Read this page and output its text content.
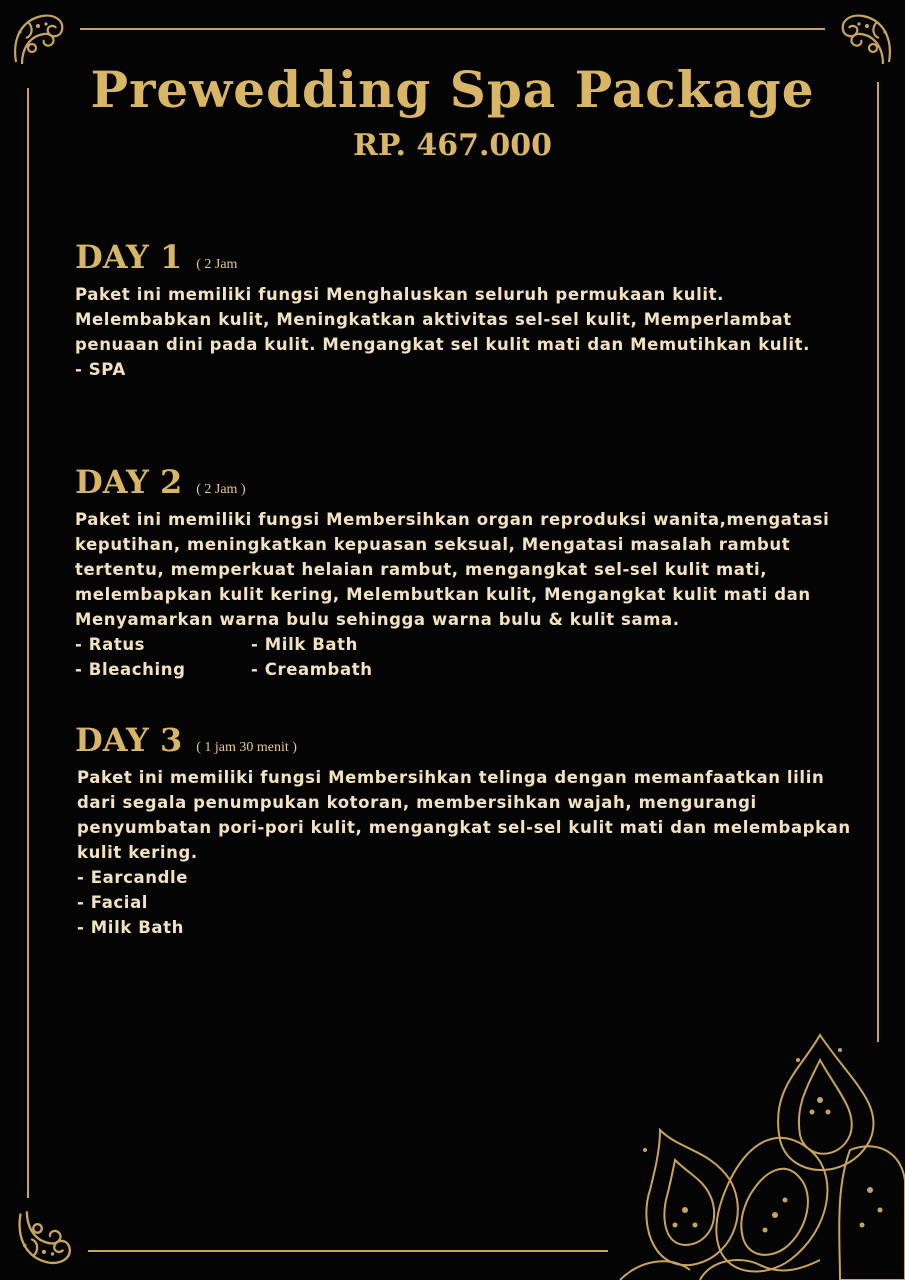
Prewedding Spa Package
RP. 467.000
DAY 1 ( 2 Jam
Paket ini memiliki fungsi Menghaluskan seluruh permukaan kulit. Melembabkan kulit, Meningkatkan aktivitas sel-sel kulit, Memperlambat penuaan dini pada kulit. Mengangkat sel kulit mati dan Memutihkan kulit.
- SPA
DAY 2 ( 2 Jam )
Paket ini memiliki fungsi Membersihkan organ reproduksi wanita,mengatasi keputihan, meningkatkan kepuasan seksual, Mengatasi masalah rambut tertentu, memperkuat helaian rambut, mengangkat sel-sel kulit mati, melembapkan kulit kering, Melembutkan kulit, Mengangkat kulit mati dan Menyamarkan warna bulu sehingga warna bulu & kulit sama.
- Ratus	- Milk Bath
- Bleaching	- Creambath
DAY 3 ( 1 jam 30 menit )
Paket ini memiliki fungsi Membersihkan telinga dengan memanfaatkan lilin dari segala penumpukan kotoran, membersihkan wajah, mengurangi penyumbatan pori-pori kulit, mengangkat sel-sel kulit mati dan melembapkan kulit kering.
- Earcandle
- Facial
- Milk Bath
